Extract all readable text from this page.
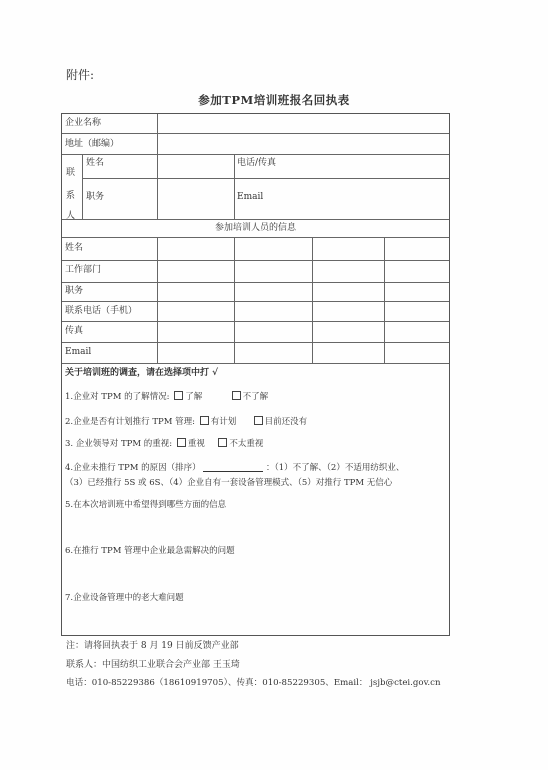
附件:
参加TPM培训班报名回执表
企业名称
地址（邮编）
联
系
人
姓名	电话/传真
职务	Email
参加培训人员的信息
姓名
工作部门
职务
联系电话（手机）
传真
Email
关于培训班的调查，请在选择项中打 √
1.企业对 TPM 的了解情况: 了解	不了解
2.企业是否有计划推行 TPM 管理: 有计划	目前还没有
3. 企业领导对 TPM 的重视: 重视	不太重视
4.企业未推行 TPM 的原因（排序）	：（1）不了解、（2）不适用纺织业、
（3）已经推行 5S 或 6S、（4）企业自有一套设备管理模式、（5）对推行 TPM 无信心
5.在本次培训班中希望得到哪些方面的信息
6.在推行 TPM 管理中企业最急需解决的问题
7.企业设备管理中的老大难问题
注：请将回执表于 8 月 19 日前反馈产业部
联系人：中国纺织工业联合会产业部 王玉琦
电话：010-85229386（18610919705）、传真：010-85229305、Email： jsjb@ctei.gov.cn
